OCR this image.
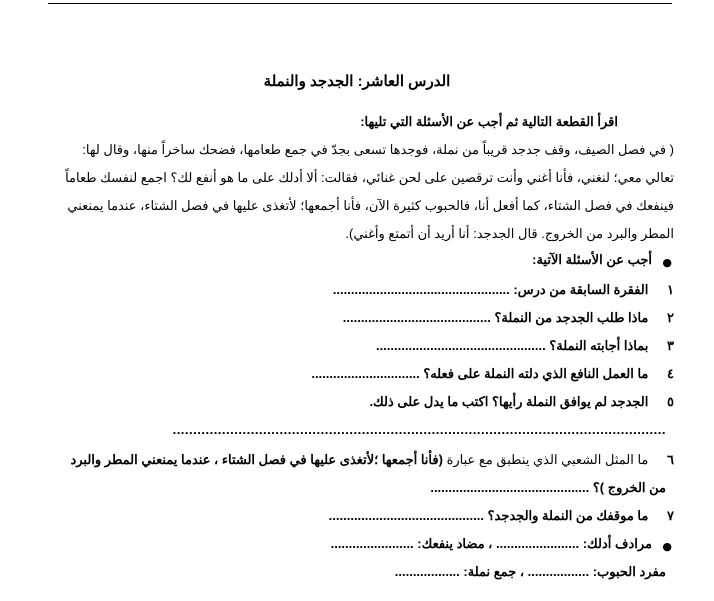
الدرس العاشر: الجدجد والنملة
اقرأ القطعة التالية ثم أجب عن الأسئلة التي تليها:
( في فصل الصيف، وقف جدجد قريباً من نملة، فوجدها تسعى بجدّ في جمع طعامها، فضحك ساخراً منها، وقال لها:
تعالي معي؛ لنغني، فأنا أغني وأنت ترقصين على لحن غنائي، فقالت: ألا أدلك على ما هو أنفع لك؟ اجمع لنفسك طعاماً
فينفعك في فصل الشتاء، كما أفعل أنا، فالحبوب كثيرة الآن، فأنا أجمعها؛ لأتغذى عليها في فصل الشتاء، عندما يمنعني
المطر والبرد من الخروج. قال الجدجد: أنا أريد أن أتمتع وأغني).
●
أجب عن الأسئلة الآتية:
١ الفقرة السابقة من درس: .................................................
٢ ماذا طلب الجدجد من النملة؟ .........................................
٣ بماذا أجابته النملة؟ ...............................................
٤ ما العمل النافع الذي دلته النملة على فعله؟ ..............................
٥ الجدجد لم يوافق النملة رأيها؟ اكتب ما يدل على ذلك.
........................................................................................................................
٦ ما المثل الشعبي الذي ينطبق مع عبارة (فأنا أجمعها ؛لأتغذى عليها في فصل الشتاء ، عندما يمنعني المطر والبرد
من الخروج )؟ ............................................
٧ ما موقفك من النملة والجدجد؟ ...........................................
●
مرادف أدلك: ....................... ، مضاد ينفعك: .......................
مفرد الحبوب: ................. ، جمع نملة: ..................
